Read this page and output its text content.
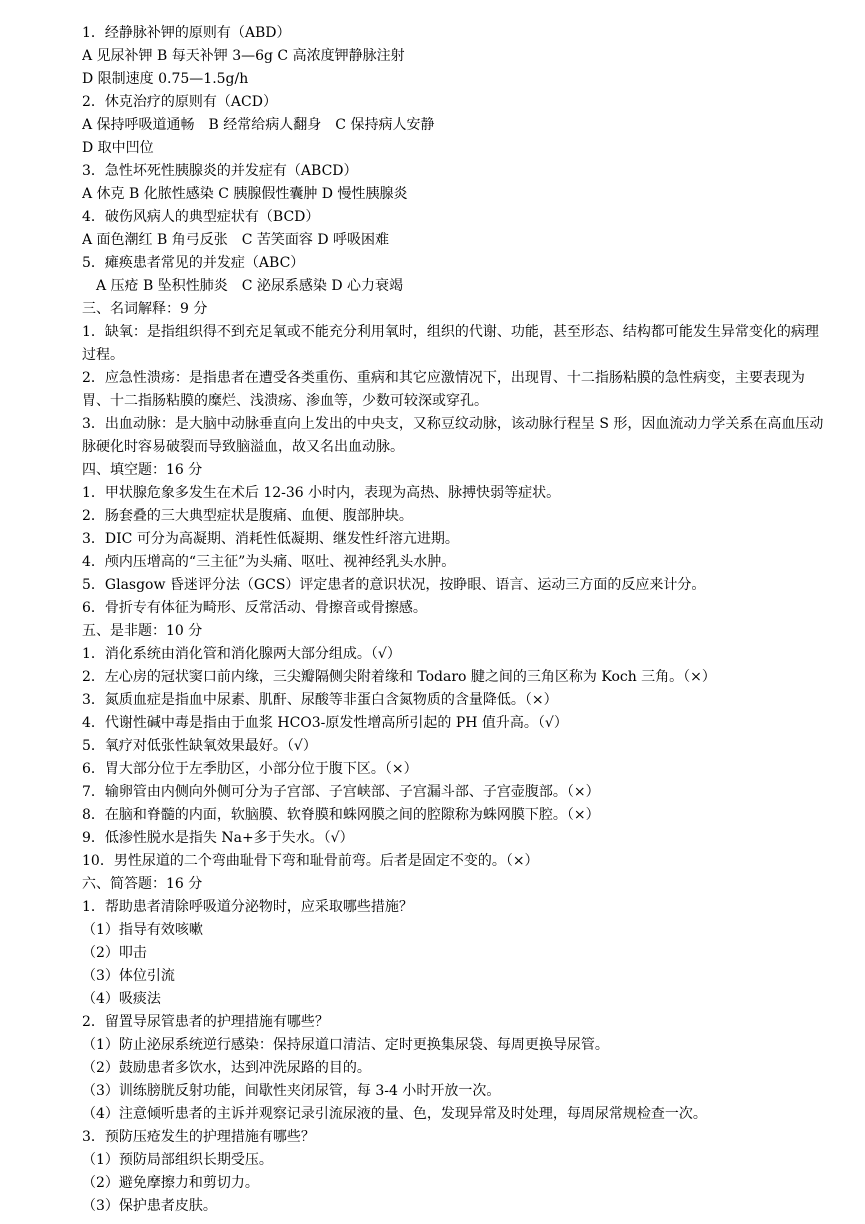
1．经静脉补钾的原则有（ABD）
A 见尿补钾 B 每天补钾 3—6g C 高浓度钾静脉注射
D 限制速度 0.75—1.5g/h
2．休克治疗的原则有（ACD）
A 保持呼吸道通畅　B 经常给病人翻身　C 保持病人安静
D 取中凹位
3．急性坏死性胰腺炎的并发症有（ABCD）
A 休克 B 化脓性感染 C 胰腺假性囊肿 D 慢性胰腺炎
4．破伤风病人的典型症状有（BCD）
A 面色潮红 B 角弓反张　C 苦笑面容 D 呼吸困难
5．瘫痪患者常见的并发症（ABC）
　A 压疮 B 坠积性肺炎　C 泌尿系感染 D 心力衰竭
三、名词解释：9 分
1．缺氧：是指组织得不到充足氧或不能充分利用氧时，组织的代谢、功能，甚至形态、结构都可能发生异常变化的病理过程。
2．应急性溃疡：是指患者在遭受各类重伤、重病和其它应激情况下，出现胃、十二指肠粘膜的急性病变，主要表现为胃、十二指肠粘膜的糜烂、浅溃疡、渗血等，少数可较深或穿孔。
3．出血动脉：是大脑中动脉垂直向上发出的中央支，又称豆纹动脉，该动脉行程呈 S 形，因血流动力学关系在高血压动脉硬化时容易破裂而导致脑溢血，故又名出血动脉。
四、填空题：16 分
1．甲状腺危象多发生在术后 12-36 小时内，表现为高热、脉搏快弱等症状。
2．肠套叠的三大典型症状是腹痛、血便、腹部肿块。
3．DIC 可分为高凝期、消耗性低凝期、继发性纤溶亢进期。
4．颅内压增高的“三主征”为头痛、呕吐、视神经乳头水肿。
5．Glasgow 昏迷评分法（GCS）评定患者的意识状况，按睁眼、语言、运动三方面的反应来计分。
6．骨折专有体征为畸形、反常活动、骨擦音或骨擦感。
五、是非题：10 分
1．消化系统由消化管和消化腺两大部分组成。（√）
2．左心房的冠状窦口前内缘，三尖瓣隔侧尖附着缘和 Todaro 腱之间的三角区称为 Koch 三角。（×）
3．氮质血症是指血中尿素、肌酐、尿酸等非蛋白含氮物质的含量降低。（×）
4．代谢性碱中毒是指由于血浆 HCO3-原发性增高所引起的 PH 值升高。（√）
5．氧疗对低张性缺氧效果最好。（√）
6．胃大部分位于左季肋区，小部分位于腹下区。（×）
7．输卵管由内侧向外侧可分为子宫部、子宫峡部、子宫漏斗部、子宫壶腹部。（×）
8．在脑和脊髓的内面，软脑膜、软脊膜和蛛网膜之间的腔隙称为蛛网膜下腔。（×）
9．低渗性脱水是指失 Na+多于失水。（√）
10．男性尿道的二个弯曲耻骨下弯和耻骨前弯。后者是固定不变的。（×）
六、简答题：16 分
1．帮助患者清除呼吸道分泌物时，应采取哪些措施？
（1）指导有效咳嗽
（2）叩击
（3）体位引流
（4）吸痰法
2．留置导尿管患者的护理措施有哪些？
（1）防止泌尿系统逆行感染：保持尿道口清洁、定时更换集尿袋、每周更换导尿管。
（2）鼓励患者多饮水，达到冲洗尿路的目的。
（3）训练膀胱反射功能，间歇性夹闭尿管，每 3-4 小时开放一次。
（4）注意倾听患者的主诉并观察记录引流尿液的量、色，发现异常及时处理，每周尿常规检查一次。
3．预防压疮发生的护理措施有哪些？
（1）预防局部组织长期受压。
（2）避免摩擦力和剪切力。
（3）保护患者皮肤。
